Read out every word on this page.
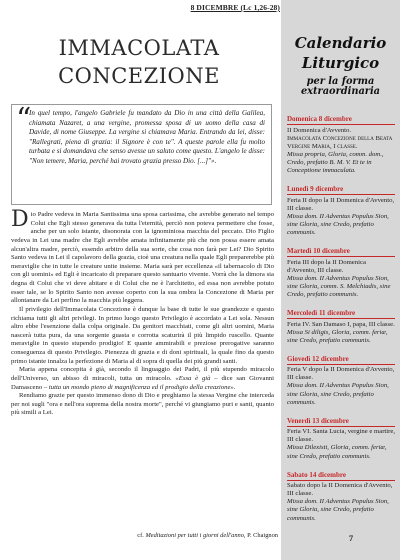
8 DICEMBRE (Lc 1,26-28)
IMMACOLATA
CONCEZIONE
“

In quel tempo, l'angelo Gabriele fu mandato da Dio in una città della Galilea, chiamata Nazaret, a una vergine, promessa sposa di un uomo della casa di Davide, di nome Giuseppe. La vergine si chiamava Maria. Entrando da lei, disse: "Rallegrati, piena di grazia: il Signore è con te". A queste parole ella fu molto turbata e si domandava che senso avesse un saluto come questo. L'angelo le disse: "Non temere, Maria, perché hai trovato grazia presso Dio. [...]"».

Dio Padre vedeva in Maria Santissima una sposa carissima, che avrebbe generato nel tempo Colui che Egli stesso generava da tutta l'eternità, perciò non poteva permettere che fosse, anche per un solo istante, disonorata con la ignominiosa macchia del peccato. Dio Figlio vedeva in Lei una madre che Egli avrebbe amata infinitamente più che non possa essere amata alcun'altra madre, perciò, essendo arbitro della sua sorte, che cosa non farà per Lei? Dio Spirito Santo vedeva in Lei il capolavoro della grazia, cioè una creatura nella quale Egli preparerebbe più meraviglie che in tutte le creature unite insieme. Maria sarà per eccellenza «il tabernacolo di Dio con gli uomini» ed Egli è incaricato di preparare questo santuario vivente. Vorrà che la dimora sia degna di Colui che vi deve abitare e di Colui che ne è l'architetto, ed essa non avrebbe potuto esser tale, se lo Spirito Santo non avesse coperto con la sua ombra la Concezione di Maria per allontanare da Lei perfino la macchia più leggera.

Il privilegio dell'Immacolata Concezione è dunque la base di tutte le sue grandezze e questo richiama tutti gli altri privilegi. In primo luogo questo Privilegio è accordato a Lei sola. Nessun altro ebbe l'esenzione dalla colpa originale. Da genitori macchiati, come gli altri uomini, Maria nascerà tutta pura, da una sorgente guasta e corrotta scaturirà il più limpido ruscello. Quante meraviglie in questo stupendo prodigio! E quante ammirabili e preziose prerogative saranno conseguenza di questo Privilegio. Pienezza di grazia e di doni spirituali, la quale fino da questo primo istante innalza la perfezione di Maria al di sopra di quella dei più grandi santi.

Maria appena concepita è già, secondo il linguaggio dei Padri, il più stupendo miracolo dell'Universo, un abisso di miracoli, tutta un miracolo. «Essa è già – dice san Giovanni Damasceno – tutta un mondo pieno di magnificenza ed il prodigio della creazione».

Rendiamo grazie per questo immenso dono di Dio e preghiamo la stessa Vergine che interceda per noi sugli "ora e nell'ora suprema della nostra morte", perché vi giungiamo puri e santi, quanto più simili a Lei.

cf. Meditazioni per tutti i giorni dell'anno, P. Chaignon
Calendario
Liturgico
per la forma extraordinaria
Domenica 8 dicembre
II Domenica d'Avvento.
Immacolata Concezione della Beata Vergine Maria, I classe.
Missa propria, Gloria, comm. dom., Credo, prefatio B. M. V. Et te in Conceptione immaculata.
Lunedì 9 dicembre
Feria II dopo la II Domenica d'Avvento, III classe.
Missa dom. II Adventus Populus Sion, sine Gloria, sine Credo, prefatio communis.
Martedì 10 dicembre
Feria III dopo la II Domenica d'Avvento, III classe.
Missa dom. II Adventus Populus Sion, sine Gloria, comm. S. Melchiadis, sine Credo, prefatio communis.
Mercoledì 11 dicembre
Feria IV. San Damaso I, papa, III classe.
Missa Si diligis, Gloria, comm. feriæ, sine Credo, prefatio communis.
Giovedì 12 dicembre
Feria V dopo la II Domenica d'Avvento, III classe.
Missa dom. II Adventus Populus Sion, sine Gloria, sine Credo, prefatio communis.
Venerdì 13 dicembre
Feria VI. Santa Lucia, vergine e martire, III classe.
Missa Dilexisti, Gloria, comm. feriæ, sine Credo, prefatio communis.
Sabato 14 dicembre
Sabato dopo la II Domenica d'Avvento, III classe.
Missa dom. II Adventus Populus Sion, sine Gloria, sine Credo, prefatio communis.
7
